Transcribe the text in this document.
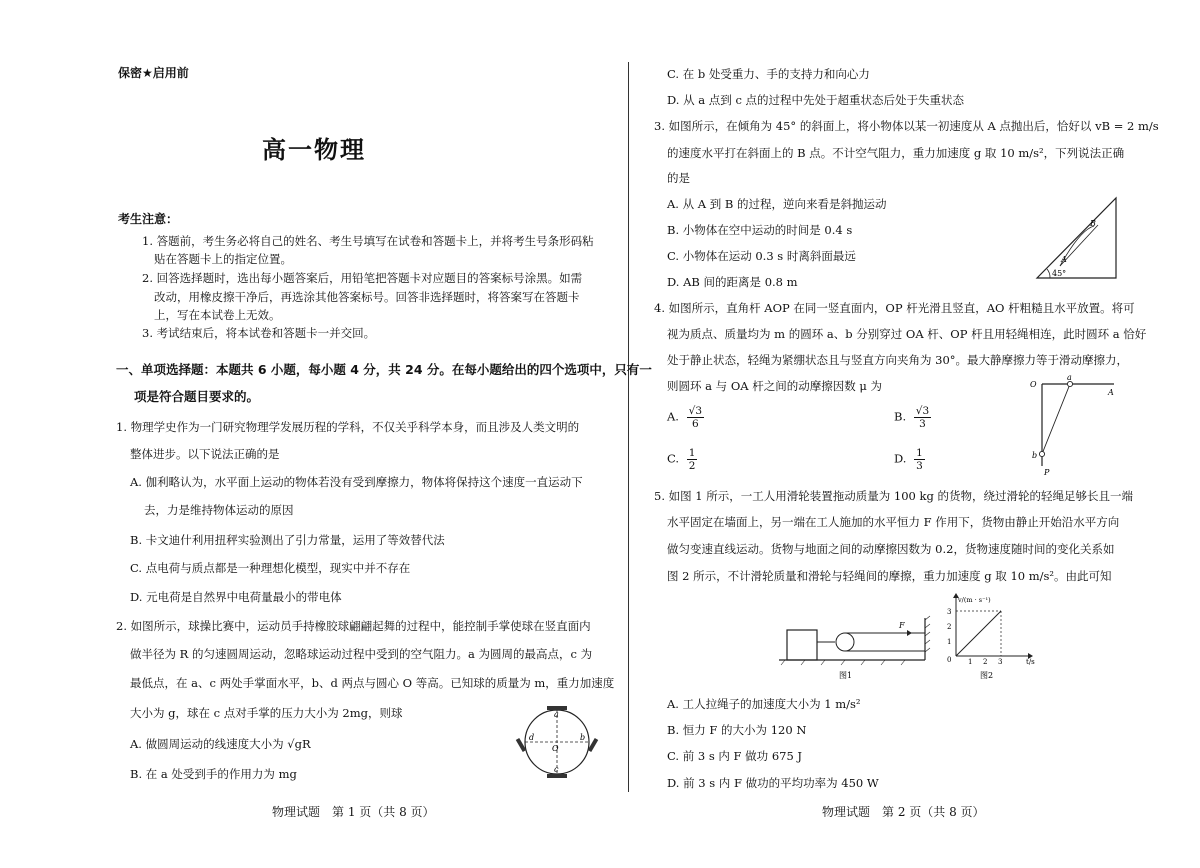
保密★启用前
高一物理
考生注意：
1. 答题前，考生务必将自己的姓名、考生号填写在试卷和答题卡上，并将考生号条形码粘
贴在答题卡上的指定位置。
2. 回答选择题时，选出每小题答案后，用铅笔把答题卡对应题目的答案标号涂黑。如需
改动，用橡皮擦干净后，再选涂其他答案标号。回答非选择题时，将答案写在答题卡
上，写在本试卷上无效。
3. 考试结束后，将本试卷和答题卡一并交回。
一、单项选择题：本题共 6 小题，每小题 4 分，共 24 分。在每小题给出的四个选项中，只有一
项是符合题目要求的。
1. 物理学史作为一门研究物理学发展历程的学科，不仅关乎科学本身，而且涉及人类文明的
整体进步。以下说法正确的是
A. 伽利略认为，水平面上运动的物体若没有受到摩擦力，物体将保持这个速度一直运动下
去，力是维持物体运动的原因
B. 卡文迪什利用扭秤实验测出了引力常量，运用了等效替代法
C. 点电荷与质点都是一种理想化模型，现实中并不存在
D. 元电荷是自然界中电荷量最小的带电体
2. 如图所示，球操比赛中，运动员手持橡胶球翩翩起舞的过程中，能控制手掌使球在竖直面内
做半径为 R 的匀速圆周运动，忽略球运动过程中受到的空气阻力。a 为圆周的最高点，c 为
最低点，在 a、c 两处手掌面水平，b、d 两点与圆心 O 等高。已知球的质量为 m，重力加速度
大小为 g，球在 c 点对手掌的压力大小为 2mg，则球
A. 做圆周运动的线速度大小为 √gR
B. 在 a 处受到手的作用力为 mg
a
b
c
d
O
物理试题　第 1 页（共 8 页）
C. 在 b 处受重力、手的支持力和向心力
D. 从 a 点到 c 点的过程中先处于超重状态后处于失重状态
3. 如图所示，在倾角为 45° 的斜面上，将小物体以某一初速度从 A 点抛出后，恰好以 vB = 2 m/s
的速度水平打在斜面上的 B 点。不计空气阻力，重力加速度 g 取 10 m/s²，下列说法正确
的是
A. 从 A 到 B 的过程，逆向来看是斜抛运动
B. 小物体在空中运动的时间是 0.4 s
C. 小物体在运动 0.3 s 时离斜面最远
D. AB 间的距离是 0.8 m
45°
A
B
4. 如图所示，直角杆 AOP 在同一竖直面内，OP 杆光滑且竖直，AO 杆粗糙且水平放置。将可
视为质点、质量均为 m 的圆环 a、b 分别穿过 OA 杆、OP 杆且用轻绳相连，此时圆环 a 恰好
处于静止状态，轻绳为紧绷状态且与竖直方向夹角为 30°。最大静摩擦力等于滑动摩擦力，
则圆环 a 与 OA 杆之间的动摩擦因数 μ 为
A. $\frac{√3}{6}$	B. $\frac{√3}{3}$
C. $\frac{1}{2}$	D. $\frac{1}{3}$
O
a
A
b
P
5. 如图 1 所示，一工人用滑轮装置拖动质量为 100 kg 的货物，绕过滑轮的轻绳足够长且一端
水平固定在墙面上，另一端在工人施加的水平恒力 F 作用下，货物由静止开始沿水平方向
做匀变速直线运动。货物与地面之间的动摩擦因数为 0.2，货物速度随时间的变化关系如
图 2 所示，不计滑轮质量和滑轮与轻绳间的摩擦，重力加速度 g 取 10 m/s²。由此可知
F
图1
v/(m · s⁻¹)
t/s
3
2
1
0 1 2 3
图2
A. 工人拉绳子的加速度大小为 1 m/s²
B. 恒力 F 的大小为 120 N
C. 前 3 s 内 F 做功 675 J
D. 前 3 s 内 F 做功的平均功率为 450 W
物理试题　第 2 页（共 8 页）
